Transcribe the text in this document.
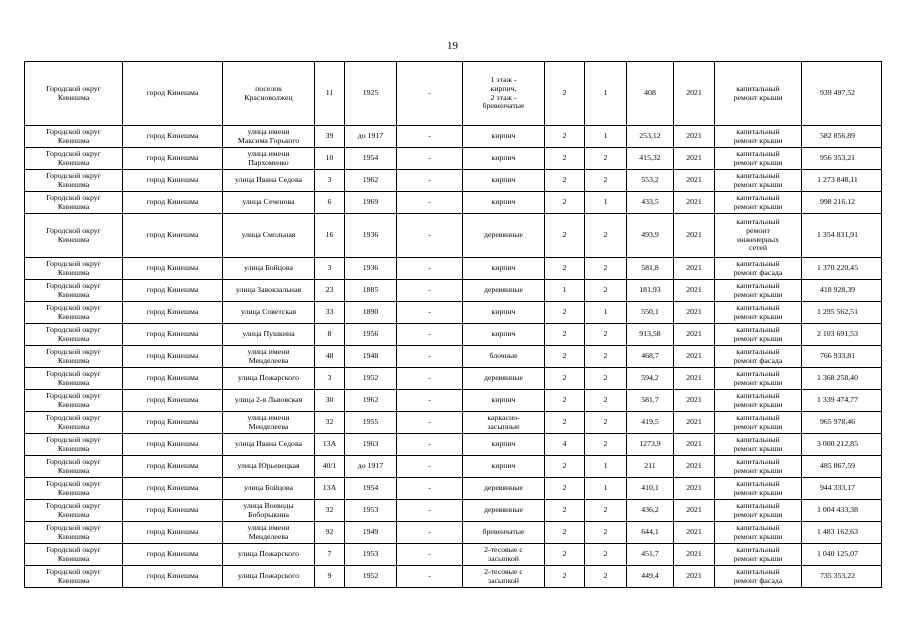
19
Городской округ
Кинешма	город Кинешма	поселок
Красноволжец	11	1925	-	1 этаж -
кирпич,
2 этаж -
бревенчатые	2	1	408	2021	капитальный
ремонт крыши	939 497,52
Городской округ
Кинешма	город Кинешма	улица имени
Максима Горького	39	до 1917	-	кирпич	2	1	253,12	2021	капитальный
ремонт крыши	582 856,89
Городской округ
Кинешма	город Кинешма	улица имени
Пархоменко	10	1954	-	кирпич	2	2	415,32	2021	капитальный
ремонт крыши	956 353,21
Городской округ
Кинешма	город Кинешма	улица Ивана Седова	3	1962	-	кирпич	2	2	553,2	2021	капитальный
ремонт крыши	1 273 848,11
Городской округ
Кинешма	город Кинешма	улица Сеченова	6	1969	-	кирпич	2	1	433,5	2021	капитальный
ремонт крыши	998 216,12
Городской округ
Кинешма	город Кинешма	улица Смольная	16	1936	-	деревянные	2	2	493,9	2021	капитальный
ремонт
инженерных
сетей	1 354 831,91
Городской округ
Кинешма	город Кинешма	улица Бойцова	3	1936	-	кирпич	2	2	581,8	2021	капитальный
ремонт фасада	1 370 220,45
Городской округ
Кинешма	город Кинешма	улица Завокзальная	23	1885	-	деревянные	1	2	181,93	2021	капитальный
ремонт крыши	418 928,39
Городской округ
Кинешма	город Кинешма	улица Советская	33	1890	-	кирпич	2	1	550,1	2021	капитальный
ремонт крыши	1 295 562,51
Городской округ
Кинешма	город Кинешма	улица Пушкина	8	1956	-	кирпич	2	2	913,58	2021	капитальный
ремонт крыши	2 103 691,53
Городской округ
Кинешма	город Кинешма	улица имени
Менделеева	48	1948	-	блочные	2	2	468,7	2021	капитальный
ремонт фасада	766 933,81
Городской округ
Кинешма	город Кинешма	улица Пожарского	3	1952	-	деревянные	2	2	594,2	2021	капитальный
ремонт крыши	1 368 258,40
Городской округ
Кинешма	город Кинешма	улица 2-я Львовская	30	1962	-	кирпич	2	2	581,7	2021	капитальный
ремонт крыши	1 339 474,77
Городской округ
Кинешма	город Кинешма	улица имени
Менделеева	32	1955	-	каркасно-
засыпные	2	2	419,5	2021	капитальный
ремонт крыши	965 978,46
Городской округ
Кинешма	город Кинешма	улица Ивана Седова	13А	1963	-	кирпич	4	2	1273,9	2021	капитальный
ремонт крыши	3 000 212,85
Городской округ
Кинешма	город Кинешма	улица Юрьевецкая	40/1	до 1917	-	кирпич	2	1	211	2021	капитальный
ремонт крыши	485 867,59
Городской округ
Кинешма	город Кинешма	улица Бойцова	13А	1954	-	деревянные	2	1	410,1	2021	капитальный
ремонт крыши	944 333,17
Городской округ
Кинешма	город Кинешма	улица Воеводы
Боборыкина	32	1953	-	деревянные	2	2	436,2	2021	капитальный
ремонт крыши	1 004 433,38
Городской округ
Кинешма	город Кинешма	улица имени
Менделеева	92	1949	-	бревенчатые	2	2	644,1	2021	капитальный
ремонт крыши	1 483 162,63
Городской округ
Кинешма	город Кинешма	улица Пожарского	7	1953	-	2-тесовые с
засыпкой	2	2	451,7	2021	капитальный
ремонт крыши	1 040 125,07
Городской округ
Кинешма	город Кинешма	улица Пожарского	9	1952	-	2-тесовые с
засыпкой	2	2	449,4	2021	капитальный
ремонт фасада	735 353,22
